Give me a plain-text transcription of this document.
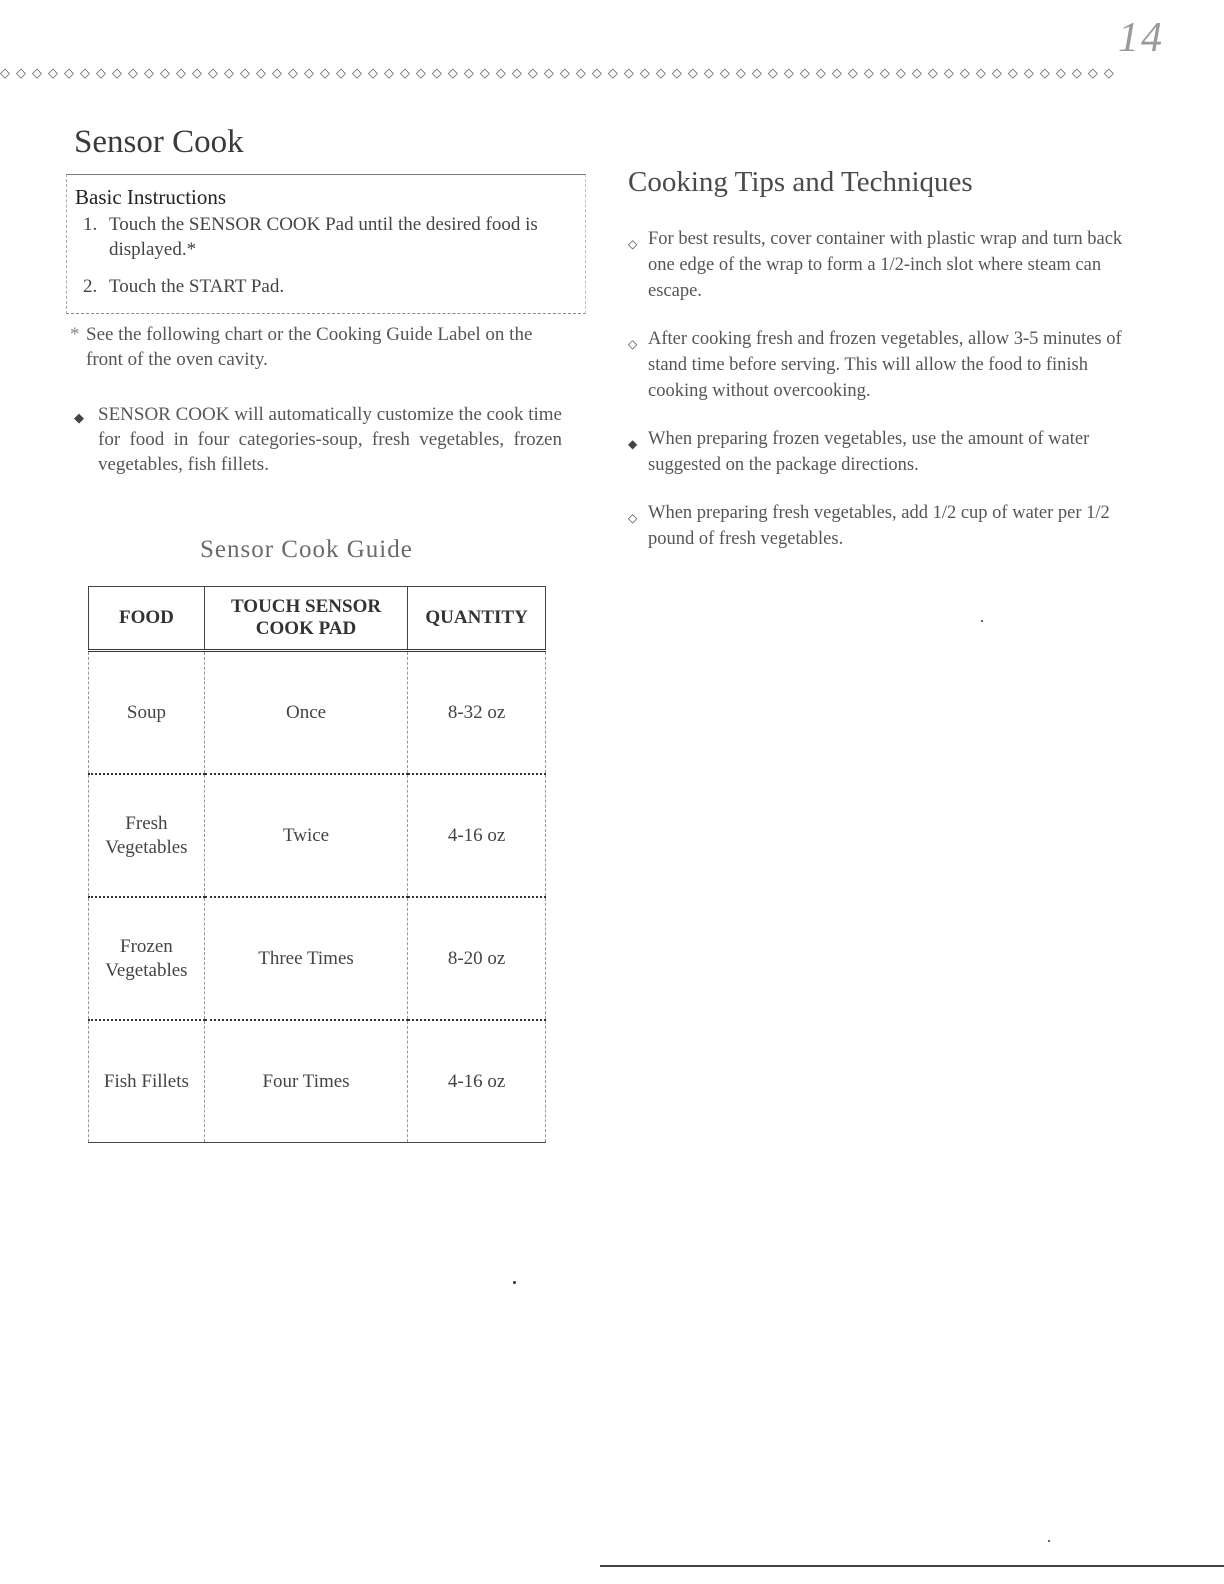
14
◇◇◇◇◇◇◇◇◇◇◇◇◇◇◇◇◇◇◇◇◇◇◇◇◇◇◇◇◇◇◇◇◇◇◇◇◇◇◇◇◇◇◇◇◇◇◇◇◇◇◇◇◇◇◇◇◇◇◇◇◇◇◇◇◇◇◇◇◇◇
Sensor Cook
Basic Instructions

1. Touch the SENSOR COOK Pad until the desired food is displayed.*

2. Touch the START Pad.

* See the following chart or the Cooking Guide Label on the front of the oven cavity.

◆ SENSOR COOK will automatically customize the cook time for food in four categories-soup, fresh vegetables, frozen vegetables, fish fillets.

Sensor Cook Guide
FOOD	TOUCH SENSOR COOK PAD	QUANTITY
Soup	Once	8-32 oz
Fresh Vegetables	Twice	4-16 oz
Frozen Vegetables	Three Times	8-20 oz
Fish Fillets	Four Times	4-16 oz
Cooking Tips and Techniques
◇ For best results, cover container with plastic wrap and turn back one edge of the wrap to form a 1/2-inch slot where steam can escape.
◇ After cooking fresh and frozen vegetables, allow 3-5 minutes of stand time before serving. This will allow the food to finish cooking without overcooking.
◆ When preparing frozen vegetables, use the amount of water suggested on the package directions.
◇ When preparing fresh vegetables, add 1/2 cup of water per 1/2 pound of fresh vegetables.
